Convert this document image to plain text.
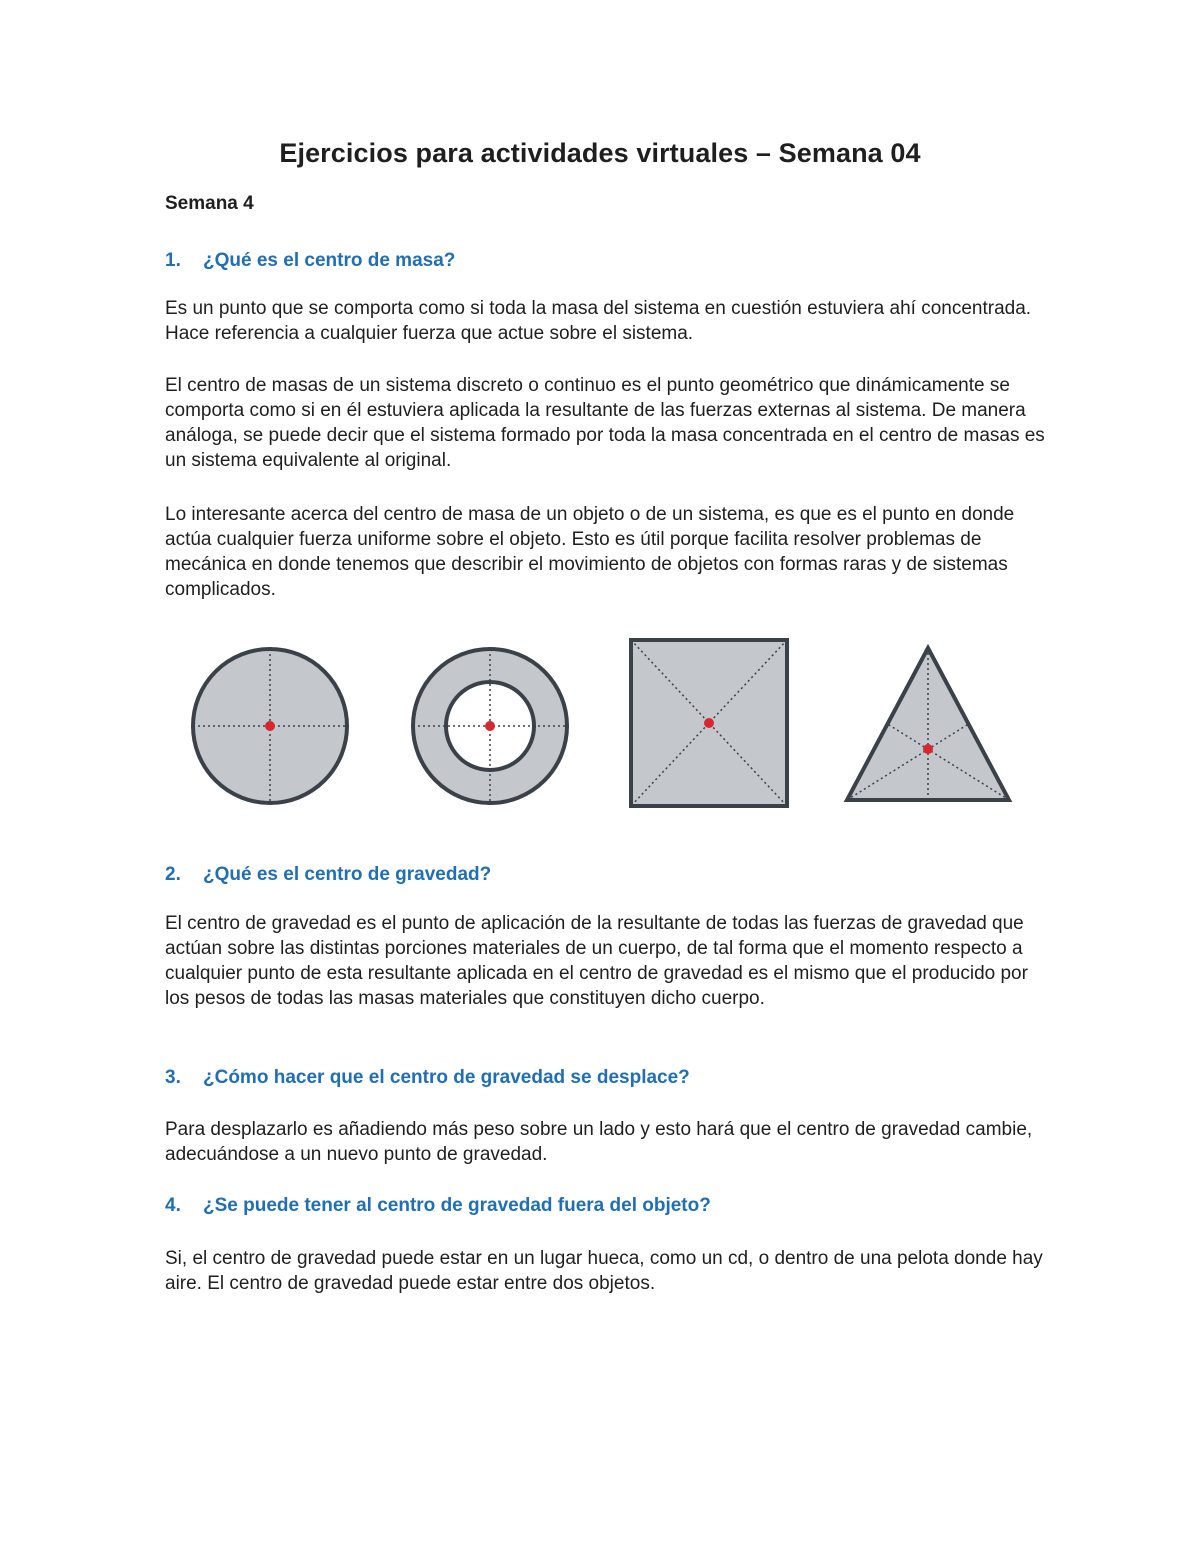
Ejercicios para actividades virtuales – Semana 04
Semana 4
1. ¿Qué es el centro de masa?

Es un punto que se comporta como si toda la masa del sistema en cuestión estuviera ahí concentrada. Hace referencia a cualquier fuerza que actue sobre el sistema.

El centro de masas de un sistema discreto o continuo es el punto geométrico que dinámicamente se comporta como si en él estuviera aplicada la resultante de las fuerzas externas al sistema. De manera análoga, se puede decir que el sistema formado por toda la masa concentrada en el centro de masas es un sistema equivalente al original.

Lo interesante acerca del centro de masa de un objeto o de un sistema, es que es el punto en donde actúa cualquier fuerza uniforme sobre el objeto. Esto es útil porque facilita resolver problemas de mecánica en donde tenemos que describir el movimiento de objetos con formas raras y de sistemas complicados.

2. ¿Qué es el centro de gravedad?

El centro de gravedad es el punto de aplicación de la resultante de todas las fuerzas de gravedad que actúan sobre las distintas porciones materiales de un cuerpo, de tal forma que el momento respecto a cualquier punto de esta resultante aplicada en el centro de gravedad es el mismo que el producido por los pesos de todas las masas materiales que constituyen dicho cuerpo.

3. ¿Cómo hacer que el centro de gravedad se desplace?

Para desplazarlo es añadiendo más peso sobre un lado y esto hará que el centro de gravedad cambie, adecuándose a un nuevo punto de gravedad.

4. ¿Se puede tener al centro de gravedad fuera del objeto?

Si, el centro de gravedad puede estar en un lugar hueca, como un cd, o dentro de una pelota donde hay aire. El centro de gravedad puede estar entre dos objetos.
